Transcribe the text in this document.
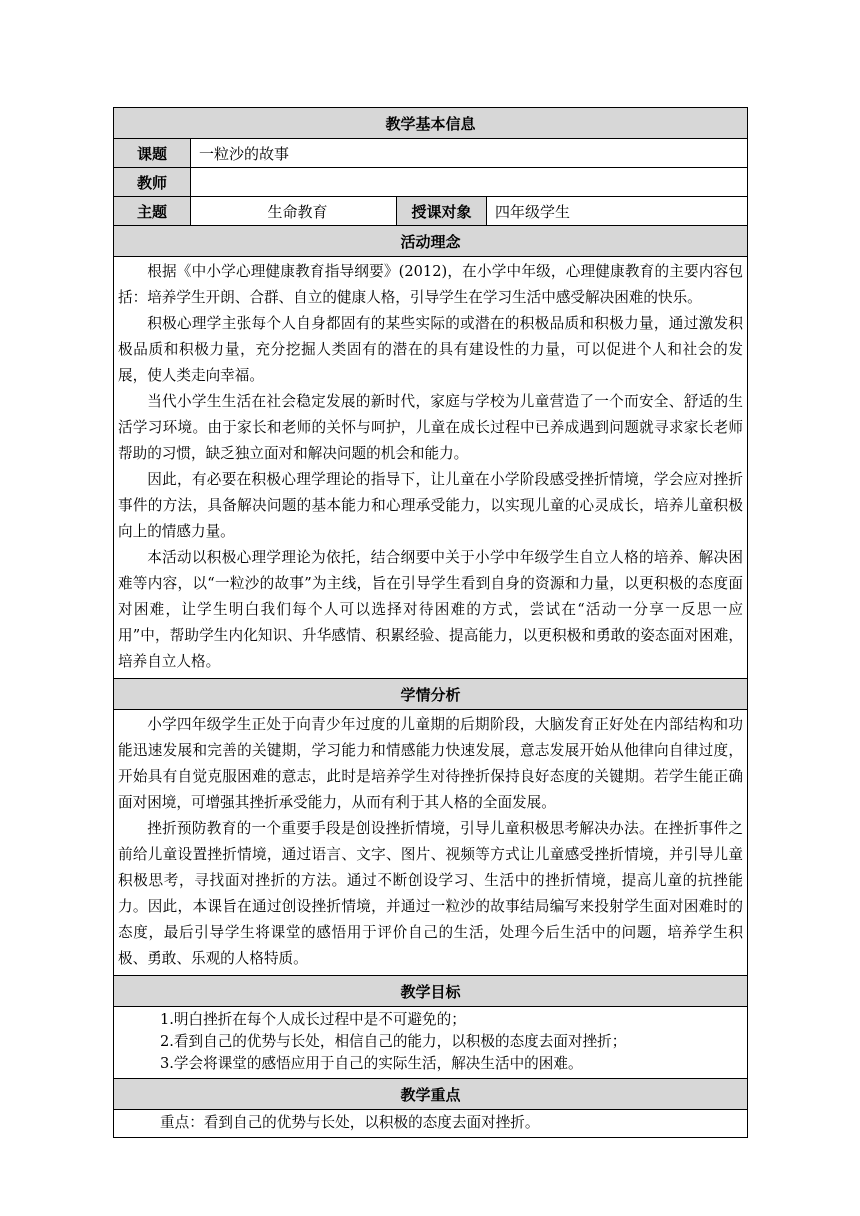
教学基本信息			
课题	一粒沙的故事		
教师			
主题	生命教育	授课对象	四年级学生
活动理念			

根据《中小学心理健康教育指导纲要》(2012)，在小学中年级，心理健康教育的主要内容包括：培养学生开朗、合群、自立的健康人格，引导学生在学习生活中感受解决困难的快乐。

积极心理学主张每个人自身都固有的某些实际的或潜在的积极品质和积极力量，通过激发积极品质和积极力量，充分挖掘人类固有的潜在的具有建设性的力量，可以促进个人和社会的发展，使人类走向幸福。

当代小学生生活在社会稳定发展的新时代，家庭与学校为儿童营造了一个而安全、舒适的生活学习环境。由于家长和老师的关怀与呵护，儿童在成长过程中已养成遇到问题就寻求家长老师帮助的习惯，缺乏独立面对和解决问题的机会和能力。

因此，有必要在积极心理学理论的指导下，让儿童在小学阶段感受挫折情境，学会应对挫折事件的方法，具备解决问题的基本能力和心理承受能力，以实现儿童的心灵成长，培养儿童积极向上的情感力量。

本活动以积极心理学理论为依托，结合纲要中关于小学中年级学生自立人格的培养、解决困难等内容，以“一粒沙的故事”为主线，旨在引导学生看到自身的资源和力量，以更积极的态度面对困难，让学生明白我们每个人可以选择对待困难的方式，尝试在“活动一分享一反思一应用”中，帮助学生内化知识、升华感情、积累经验、提高能力，以更积极和勇敢的姿态面对困难，培养自立人格。			

学情分析			

小学四年级学生正处于向青少年过度的儿童期的后期阶段，大脑发育正好处在内部结构和功能迅速发展和完善的关键期，学习能力和情感能力快速发展，意志发展开始从他律向自律过度，开始具有自觉克服困难的意志，此时是培养学生对待挫折保持良好态度的关键期。若学生能正确面对困境，可增强其挫折承受能力，从而有利于其人格的全面发展。

挫折预防教育的一个重要手段是创设挫折情境，引导儿童积极思考解决办法。在挫折事件之前给儿童设置挫折情境，通过语言、文字、图片、视频等方式让儿童感受挫折情境，并引导儿童积极思考，寻找面对挫折的方法。通过不断创设学习、生活中的挫折情境，提高儿童的抗挫能力。因此，本课旨在通过创设挫折情境，并通过一粒沙的故事结局编写来投射学生面对困难时的态度，最后引导学生将课堂的感悟用于评价自己的生活，处理今后生活中的问题，培养学生积极、勇敢、乐观的人格特质。			

教学目标			

1.明白挫折在每个人成长过程中是不可避免的；

2.看到自己的优势与长处，相信自己的能力，以积极的态度去面对挫折；

3.学会将课堂的感悟应用于自己的实际生活，解决生活中的困难。			

教学重点			

重点：看到自己的优势与长处，以积极的态度去面对挫折。			
